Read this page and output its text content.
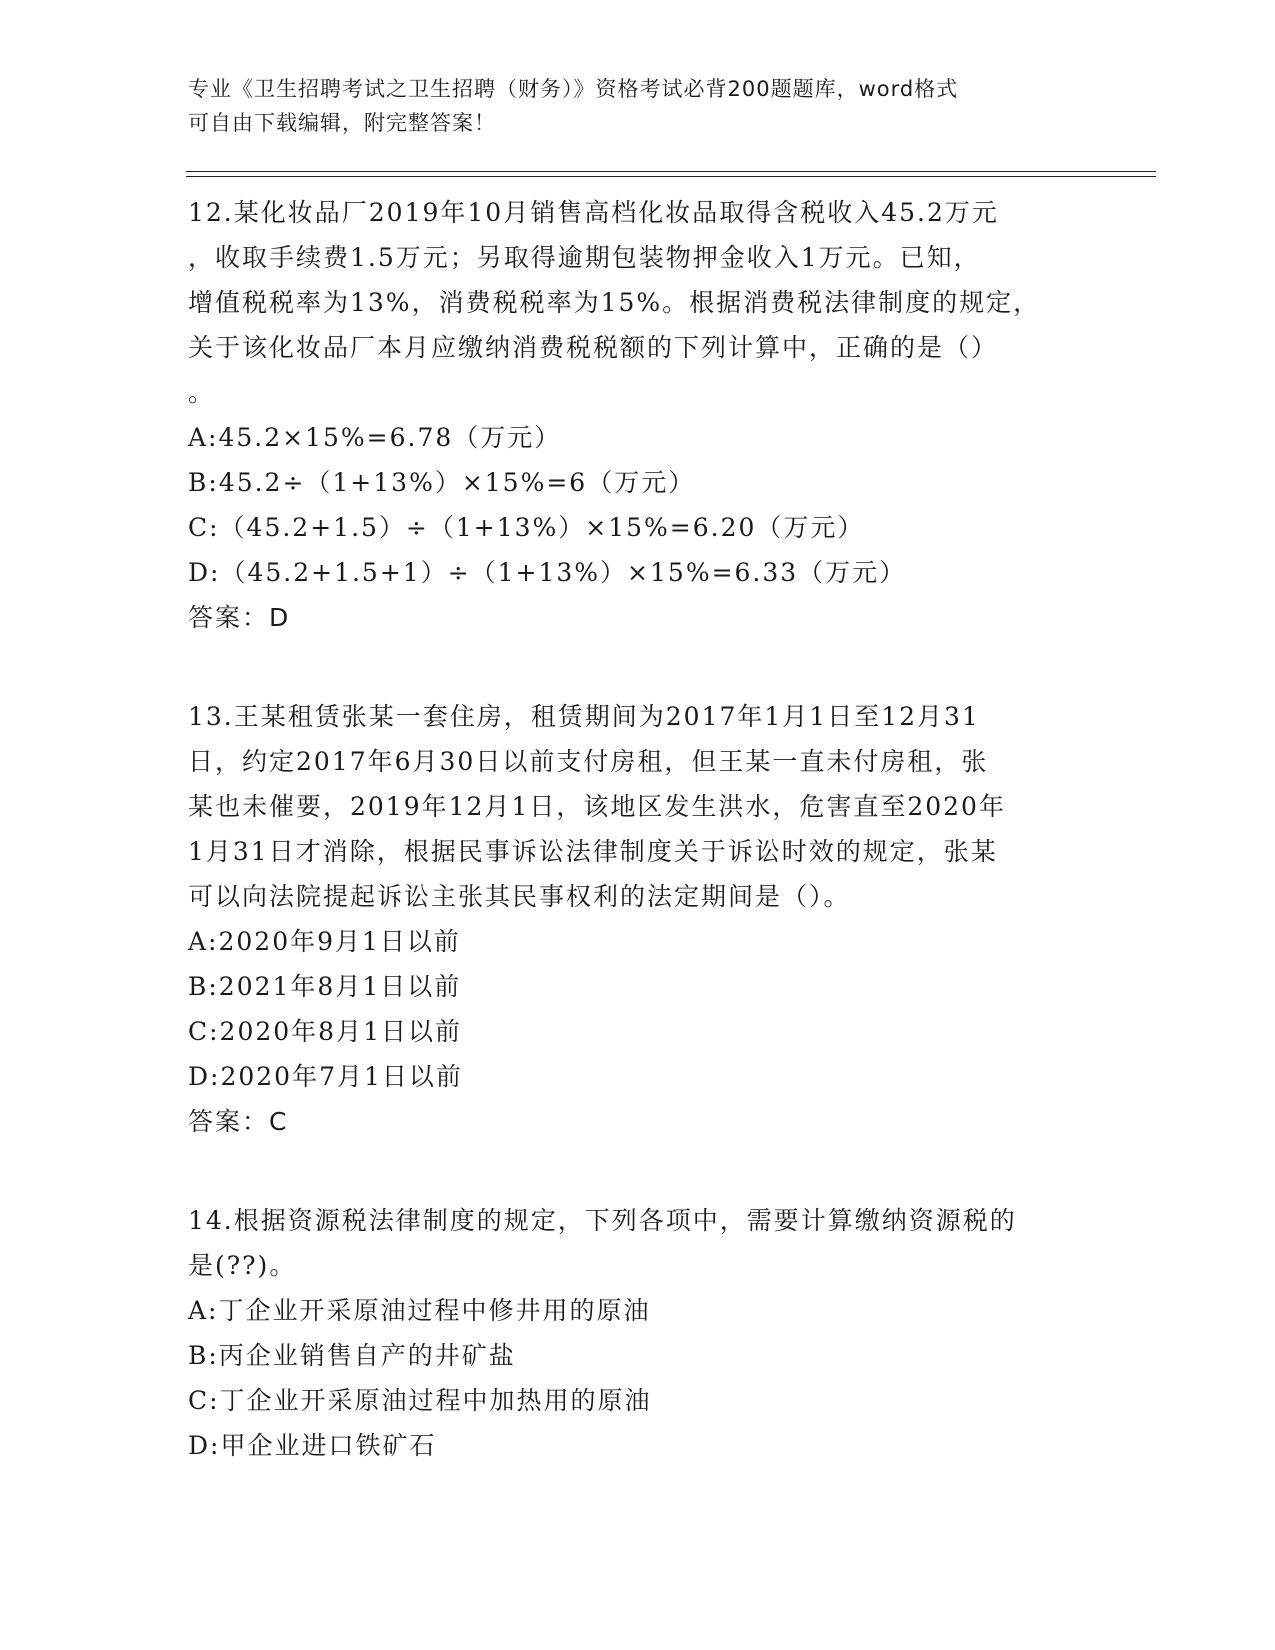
专业《卫生招聘考试之卫生招聘（财务）》资格考试必背200题题库，word格式
可自由下载编辑，附完整答案！

12.某化妆品厂2019年10月销售高档化妆品取得含税收入45.2万元

，收取手续费1.5万元；另取得逾期包装物押金收入1万元。已知，

增值税税率为13%，消费税税率为15%。根据消费税法律制度的规定，

关于该化妆品厂本月应缴纳消费税税额的下列计算中，正确的是（）

。

A:45.2×15%=6.78（万元）

B:45.2÷（1+13%）×15%=6（万元）

C:（45.2+1.5）÷（1+13%）×15%=6.20（万元）

D:（45.2+1.5+1）÷（1+13%）×15%=6.33（万元）

答案：D

13.王某租赁张某一套住房，租赁期间为2017年1月1日至12月31

日，约定2017年6月30日以前支付房租，但王某一直未付房租，张

某也未催要，2019年12月1日，该地区发生洪水，危害直至2020年

1月31日才消除，根据民事诉讼法律制度关于诉讼时效的规定，张某

可以向法院提起诉讼主张其民事权利的法定期间是（）。

A:2020年9月1日以前

B:2021年8月1日以前

C:2020年8月1日以前

D:2020年7月1日以前

答案：C

14.根据资源税法律制度的规定，下列各项中，需要计算缴纳资源税的

是(??)。

A:丁企业开采原油过程中修井用的原油

B:丙企业销售自产的井矿盐

C:丁企业开采原油过程中加热用的原油

D:甲企业进口铁矿石
